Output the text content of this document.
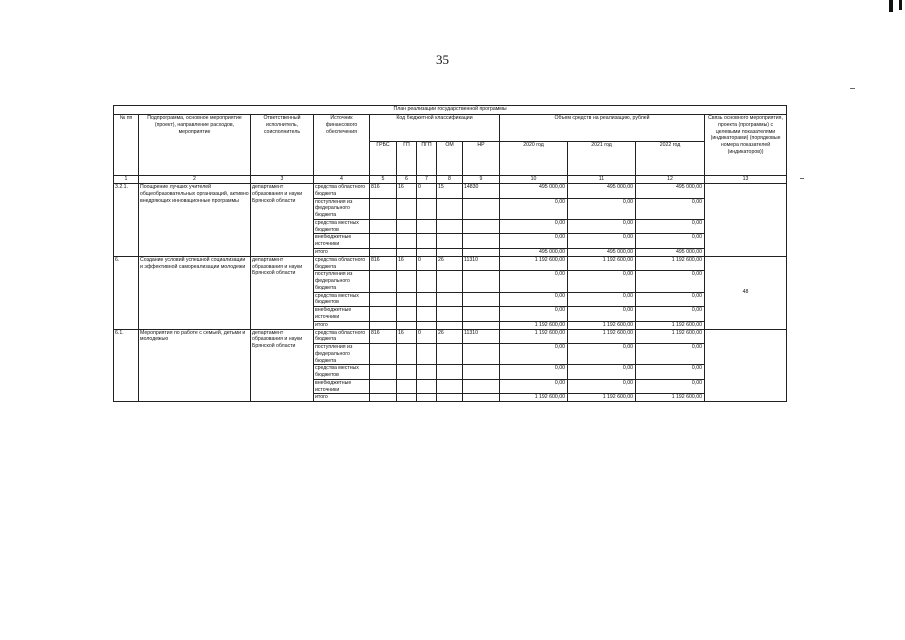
35
План реализации государственной программы												
№ пп	Подпрограмма, основное мероприятие (проект), направление расходов, мероприятие	Ответственный исполнитель, соисполнитель	Источник финансового обеспечения	Код бюджетной классификации					Объем средств на реализацию, рублей			Связь основного мероприятия, проекта (программы) с целевыми показателями (индикаторами) (порядковые номера показателей (индикаторов))
				ГРБС	ГП	ПГП	ОМ	НР	2020 год	2021 год	2022 год	
1	2	3	4	5	6	7	8	9	10	11	12	13
3.2.1.	Поощрение лучших учителей общеобразовательных организаций, активно внедряющих инновационные программы	департамент образования и науки Брянской области	средства областного бюджета	816	16	0	15	14830	495 000,00	495 000,00	495 000,00	
			поступления из федерального бюджета						0,00	0,00	0,00	
			средства местных бюджетов						0,00	0,00	0,00	
			внебюджетные источники						0,00	0,00	0,00	
			итого						495 000,00	495 000,00	495 000,00	
6.	Создание условий успешной социализации и эффективной самореализации молодежи	департамент образования и науки Брянской области	средства областного бюджета	816	16	0	26	11310	1 192 600,00	1 192 600,00	1 192 600,00	48
			поступления из федерального бюджета						0,00	0,00	0,00	
			средства местных бюджетов						0,00	0,00	0,00	
			внебюджетные источники						0,00	0,00	0,00	
			итого						1 192 600,00	1 192 600,00	1 192 600,00	
6.1.	Мероприятия по работе с семьей, детьми и молодежью	департамент образования и науки Брянской области	средства областного бюджета	816	16	0	26	11310	1 192 600,00	1 192 600,00	1 192 600,00	
			поступления из федерального бюджета						0,00	0,00	0,00	
			средства местных бюджетов						0,00	0,00	0,00	
			внебюджетные источники						0,00	0,00	0,00	
			итого						1 192 600,00	1 192 600,00	1 192 600,00	
